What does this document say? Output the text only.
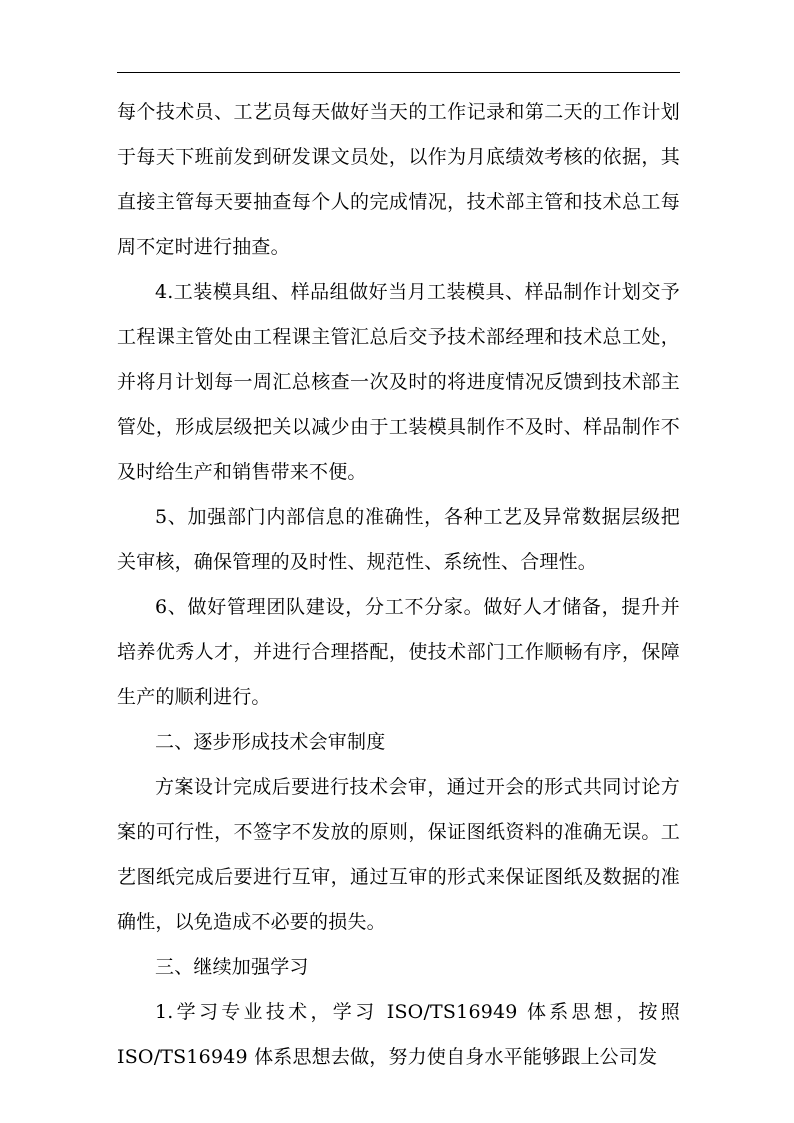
每个技术员、工艺员每天做好当天的工作记录和第二天的工作计划于每天下班前发到研发课文员处，以作为月底绩效考核的依据，其直接主管每天要抽查每个人的完成情况，技术部主管和技术总工每周不定时进行抽查。

4.工装模具组、样品组做好当月工装模具、样品制作计划交予工程课主管处由工程课主管汇总后交予技术部经理和技术总工处，并将月计划每一周汇总核查一次及时的将进度情况反馈到技术部主管处，形成层级把关以减少由于工装模具制作不及时、样品制作不及时给生产和销售带来不便。

5、加强部门内部信息的准确性，各种工艺及异常数据层级把关审核，确保管理的及时性、规范性、系统性、合理性。

6、做好管理团队建设，分工不分家。做好人才储备，提升并培养优秀人才，并进行合理搭配，使技术部门工作顺畅有序，保障生产的顺利进行。

二、逐步形成技术会审制度

方案设计完成后要进行技术会审，通过开会的形式共同讨论方案的可行性，不签字不发放的原则，保证图纸资料的准确无误。工艺图纸完成后要进行互审，通过互审的形式来保证图纸及数据的准确性，以免造成不必要的损失。

三、继续加强学习

1.学习专业技术，学习 ISO/TS16949 体系思想，按照 ISO/TS16949 体系思想去做，努力使自身水平能够跟上公司发
